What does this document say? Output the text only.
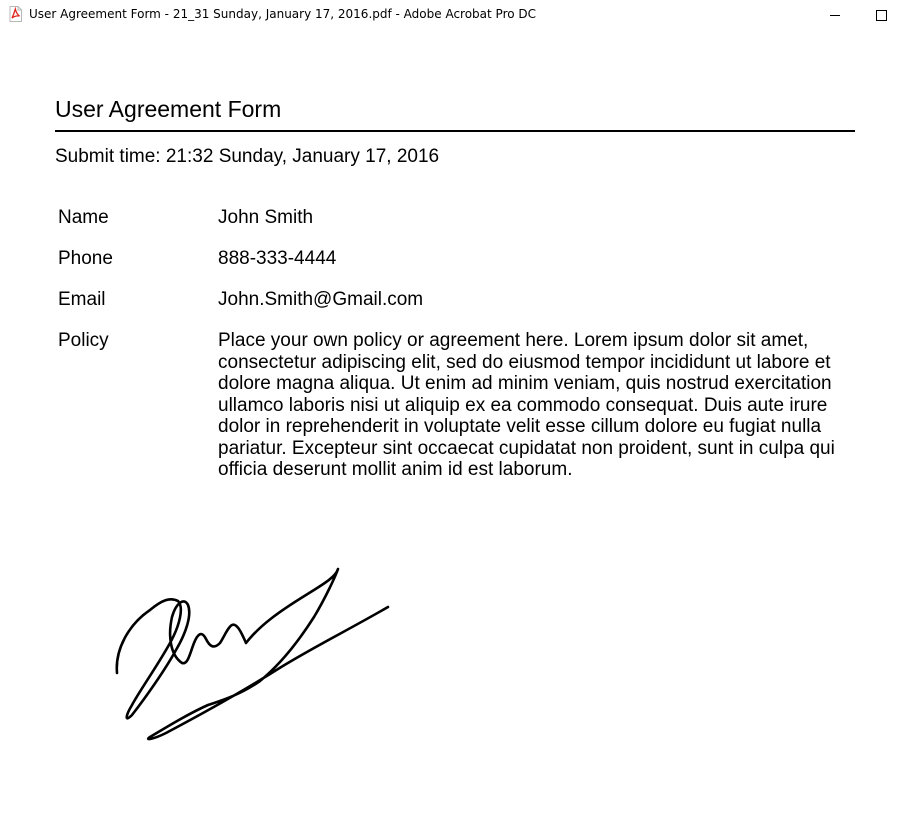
User Agreement Form - 21_31 Sunday, January 17, 2016.pdf - Adobe Acrobat Pro DC
User Agreement Form
Submit time: 21:32 Sunday, January 17, 2016
Name	John Smith
Phone	888-333-4444
Email	John.Smith@Gmail.com
Policy	Place your own policy or agreement here. Lorem ipsum dolor sit amet, consectetur adipiscing elit, sed do eiusmod tempor incididunt ut labore et dolore magna aliqua. Ut enim ad minim veniam, quis nostrud exercitation ullamco laboris nisi ut aliquip ex ea commodo consequat. Duis aute irure dolor in reprehenderit in voluptate velit esse cillum dolore eu fugiat nulla pariatur. Excepteur sint occaecat cupidatat non proident, sunt in culpa qui officia deserunt mollit anim id est laborum.
